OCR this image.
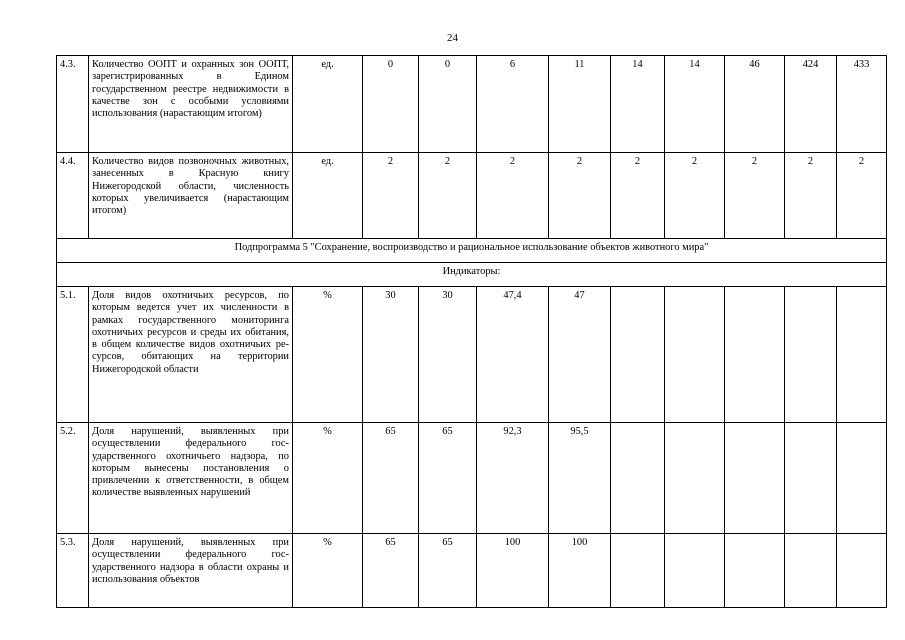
24
4.3.	Количество ООПТ и охранных зон ООПТ, зарегистрированных в Едином государственном реестре недвижимости в качестве зон с особыми условиями использования (нарастающим итогом)	ед.	0	0	6	11	14	14	46	424	433
4.4.	Количество видов позвоночных животных, занесенных в Красную книгу Нижегородской области, численность которых увеличивается (нарастающим итогом)	ед.	2	2	2	2	2	2	2	2	2
Подпрограмма 5 "Сохранение, воспроизводство и рациональное использование объектов животного мира"											
Индикаторы:											
5.1.	Доля видов охотничьих ресурсов, по которым ведется учет их численности в рамках государственного мониторинга охотничьих ресурсов и среды их обитания, в общем количестве видов охотничьих ресурсов, обитающих на территории Нижегородской области	%	30	30	47,4	47					
5.2.	Доля нарушений, выявленных при осуществлении федерального государственного охотничьего надзора, по которым вынесены постановления о привлечении к ответственности, в общем количестве выявленных нарушений	%	65	65	92,3	95,5					
5.3.	Доля нарушений, выявленных при осуществлении федерального государственного надзора в области охраны и использования объектов	%	65	65	100	100					
